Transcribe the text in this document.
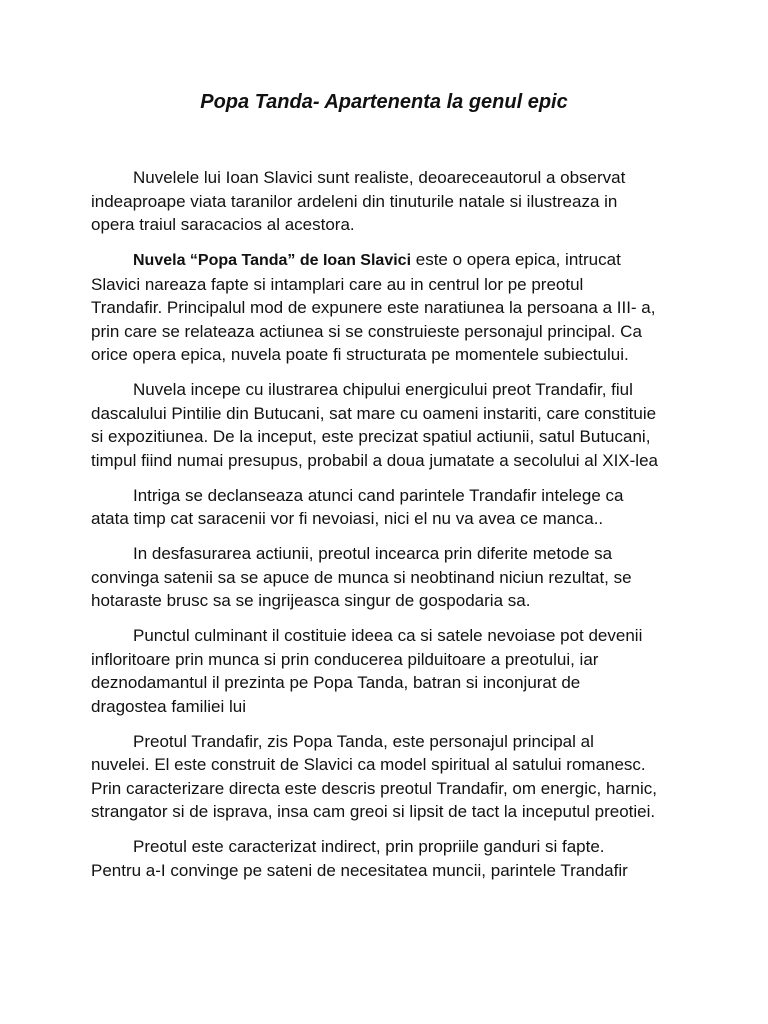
Popa Tanda- Apartenenta la genul epic

Nuvelele lui Ioan Slavici sunt realiste, deoareceautorul a observat
indeaproape viata taranilor ardeleni din tinuturile natale si ilustreaza in
opera traiul saracacios al acestora.

Nuvela “Popa Tanda” de Ioan Slavici este o opera epica, intrucat
Slavici nareaza fapte si intamplari care au in centrul lor pe preotul
Trandafir. Principalul mod de expunere este naratiunea la persoana a III- a,
prin care se relateaza actiunea si se construieste personajul principal. Ca
orice opera epica, nuvela poate fi structurata pe momentele subiectului.

Nuvela incepe cu ilustrarea chipului energicului preot Trandafir, fiul
dascalului Pintilie din Butucani, sat mare cu oameni instariti, care constituie
si expozitiunea. De la inceput, este precizat spatiul actiunii, satul Butucani,
timpul fiind numai presupus, probabil a doua jumatate a secolului al XIX-lea

Intriga se declanseaza atunci cand parintele Trandafir intelege ca
atata timp cat saracenii vor fi nevoiasi, nici el nu va avea ce manca..

In desfasurarea actiunii, preotul incearca prin diferite metode sa
convinga satenii sa se apuce de munca si neobtinand niciun rezultat, se
hotaraste brusc sa se ingrijeasca singur de gospodaria sa.

Punctul culminant il costituie ideea ca si satele nevoiase pot devenii
infloritoare prin munca si prin conducerea pilduitoare a preotului, iar
deznodamantul il prezinta pe Popa Tanda, batran si inconjurat de
dragostea familiei lui

Preotul Trandafir, zis Popa Tanda, este personajul principal al
nuvelei. El este construit de Slavici ca model spiritual al satului romanesc.
Prin caracterizare directa este descris preotul Trandafir, om energic, harnic,
strangator si de isprava, insa cam greoi si lipsit de tact la inceputul preotiei.

Preotul este caracterizat indirect, prin propriile ganduri si fapte.
Pentru a-I convinge pe sateni de necesitatea muncii, parintele Trandafir
